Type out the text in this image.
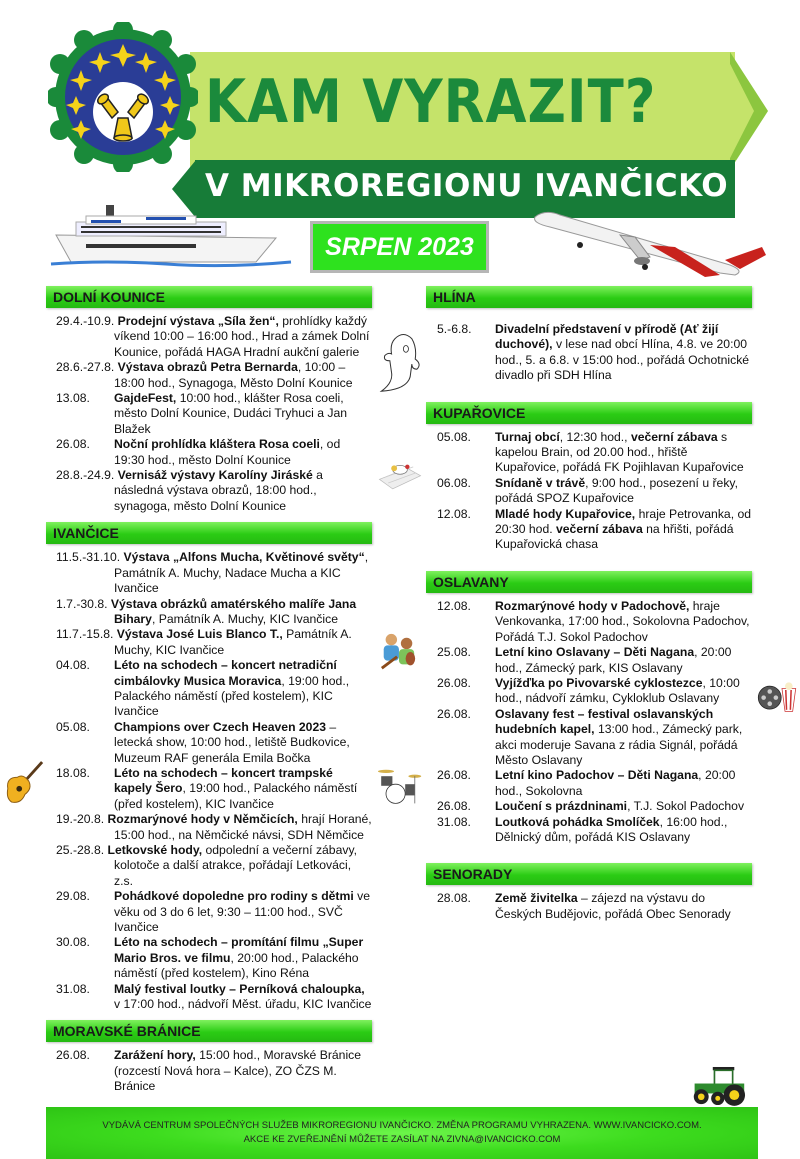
KAM VYRAZIT?
V MIKROREGIONU IVANČICKO
SRPEN 2023
DOLNÍ KOUNICE
29.4.-10.9. Prodejní výstava „Síla žen“, prohlídky každý víkend 10:00 – 16:00 hod., Hrad a zámek Dolní Kounice, pořádá HAGA Hradní aukční galerie
28.6.-27.8. Výstava obrazů Petra Bernarda, 10:00 – 18:00 hod., Synagoga, Město Dolní Kounice
13.08.	GajdeFest, 10:00 hod., klášter Rosa coeli, město Dolní Kounice, Dudáci Tryhuci a Jan Blažek
26.08.	Noční prohlídka kláštera Rosa coeli, od 19:30 hod., město Dolní Kounice
28.8.-24.9. Vernisáž výstavy Karolíny Jiráské a následná výstava obrazů, 18:00 hod., synagoga, město Dolní Kounice
IVANČICE
11.5.-31.10. Výstava „Alfons Mucha, Květinové světy“, Památník A. Muchy, Nadace Mucha a KIC Ivančice
1.7.-30.8. Výstava obrázků amatérského malíře Jana Bihary, Památník A. Muchy, KIC Ivančice
11.7.-15.8. Výstava José Luis Blanco T., Památník A. Muchy, KIC Ivančice
04.08.	Léto na schodech – koncert netradiční cimbálovky Musica Moravica, 19:00 hod., Palackého náměstí (před kostelem), KIC Ivančice
05.08.	Champions over Czech Heaven 2023 – letecká show, 10:00 hod., letiště Budkovice, Muzeum RAF generála Emila Bočka
18.08.	Léto na schodech – koncert trampské kapely Šero, 19:00 hod., Palackého náměstí (před kostelem), KIC Ivančice
19.-20.8. Rozmarýnové hody v Němčicích, hrají Horané, 15:00 hod., na Němčické návsi, SDH Němčice
25.-28.8. Letkovské hody, odpolední a večerní zábavy, kolotoče a další atrakce, pořádají Letkováci, z.s.
29.08.	Pohádkové dopoledne pro rodiny s dětmi ve věku od 3 do 6 let, 9:30 – 11:00 hod., SVČ Ivančice
30.08.	Léto na schodech – promítání filmu „Super Mario Bros. ve filmu, 20:00 hod., Palackého náměstí (před kostelem), Kino Réna
31.08.	Malý festival loutky – Perníková chaloupka, v 17:00 hod., nádvoří Měst. úřadu, KIC Ivančice
MORAVSKÉ BRÁNICE
26.08.	Zarážení hory, 15:00 hod., Moravské Bránice (rozcestí Nová hora – Kalce), ZO ČZS M. Bránice
HLÍNA
5.-6.8.	Divadelní představení v přírodě (Ať žijí duchové), v lese nad obcí Hlína, 4.8. ve 20:00 hod., 5. a 6.8. v 15:00 hod., pořádá Ochotnické divadlo při SDH Hlína
KUPAŘOVICE
05.08.	Turnaj obcí, 12:30 hod., večerní zábava s kapelou Brain, od 20.00 hod., hřiště Kupařovice, pořádá FK Pojihlavan Kupařovice
06.08.	Snídaně v trávě, 9:00 hod., posezení u řeky, pořádá SPOZ Kupařovice
12.08.	Mladé hody Kupařovice, hraje Petrovanka, od 20:30 hod. večerní zábava na hřišti, pořádá Kupařovická chasa
OSLAVANY
12.08.	Rozmarýnové hody v Padochově, hraje Venkovanka, 17:00 hod., Sokolovna Padochov, Pořádá T.J. Sokol Padochov
25.08.	Letní kino Oslavany – Děti Nagana, 20:00 hod., Zámecký park, KIS Oslavany
26.08.	Vyjížďka po Pivovarské cyklostezce, 10:00 hod., nádvoří zámku, Cykloklub Oslavany
26.08.	Oslavany fest – festival oslavanských hudebních kapel, 13:00 hod., Zámecký park, akci moderuje Savana z rádia Signál, pořádá Město Oslavany
26.08.	Letní kino Padochov – Děti Nagana, 20:00 hod., Sokolovna
26.08.	Loučení s prázdninami, T.J. Sokol Padochov
31.08.	Loutková pohádka Smolíček, 16:00 hod., Dělnický dům, pořádá KIS Oslavany
SENORADY
28.08.	Země živitelka – zájezd na výstavu do Českých Budějovic, pořádá Obec Senorady
VYDÁVÁ CENTRUM SPOLEČNÝCH SLUŽEB MIKROREGIONU IVANČICKO. ZMĚNA PROGRAMU VYHRAZENA. WWW.IVANCICKO.COM.
AKCE KE ZVEŘEJNĚNÍ MŮŽETE ZASÍLAT NA ZIVNA@IVANCICKO.COM
